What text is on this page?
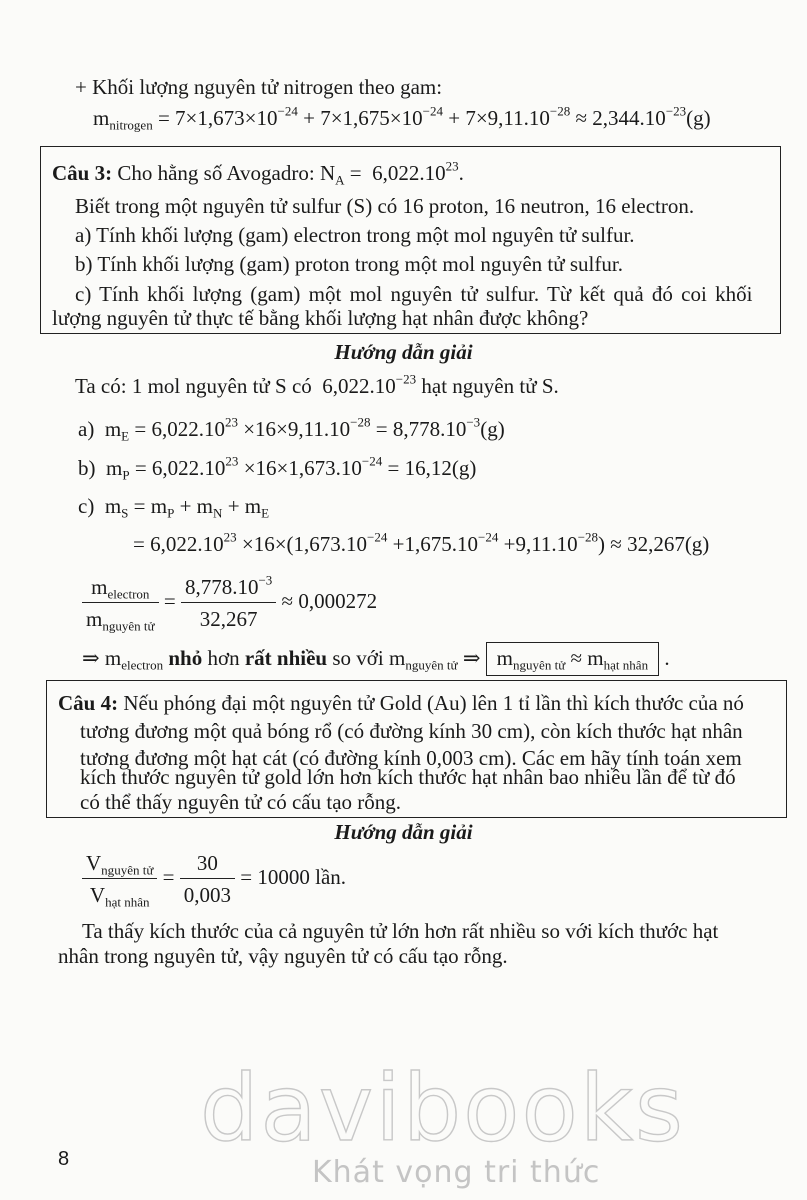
+ Khối lượng nguyên tử nitrogen theo gam:
$m_{nitrogen} = 7\times 1,673\times 10^{-24} + 7\times 1,675\times 10^{-24} + 7\times 9,11.10^{-28} \approx 2,344.10^{-23}(g)$
Câu 3: Cho hằng số Avogadro: $N_A = 6,022.10^{23}$.
Biết trong một nguyên tử sulfur (S) có 16 proton, 16 neutron, 16 electron.
a) Tính khối lượng (gam) electron trong một mol nguyên tử sulfur.
b) Tính khối lượng (gam) proton trong một mol nguyên tử sulfur.
c) Tính khối lượng (gam) một mol nguyên tử sulfur. Từ kết quả đó coi khối
lượng nguyên tử thực tế bằng khối lượng hạt nhân được không?
Hướng dẫn giải
Ta có: 1 mol nguyên tử S có  $6,022.10^{-23}$ hạt nguyên tử S.
a)  $m_E = 6,022.10^{23} \times 16\times 9,11.10^{-28} = 8,778.10^{-3}(g)$
b)  $m_P = 6,022.10^{23} \times 16\times 1,673.10^{-24} = 16,12(g)$
c)  $m_S = m_P + m_N + m_E$
= $6,022.10^{23} \times 16\times(1,673.10^{-24} +1,675.10^{-24} +9,11.10^{-28}) \approx 32,267(g)$
$\frac{m_{electron}}{m_{nguyên tử}} = \frac{8,778.10^{-3}}{32,267} \approx 0,000272$
⇒ $m_{electron}$ nhỏ hơn rất nhiều so với $m_{nguyên tử}$ ⇒ $m_{nguyên tử} \approx m_{hạt nhân}$ .
Câu 4: Nếu phóng đại một nguyên tử Gold (Au) lên 1 tỉ lần thì kích thước của nó
tương đương một quả bóng rổ (có đường kính 30 cm), còn kích thước hạt nhân
tương đương một hạt cát (có đường kính 0,003 cm). Các em hãy tính toán xem
kích thước nguyên tử gold lớn hơn kích thước hạt nhân bao nhiêu lần để từ đó
có thể thấy nguyên tử có cấu tạo rỗng.
Hướng dẫn giải
$\frac{V_{nguyên tử}}{V_{hạt nhân}} = \frac{30}{0,003} = 10000$ lần.
Ta thấy kích thước của cả nguyên tử lớn hơn rất nhiều so với kích thước hạt
nhân trong nguyên tử, vậy nguyên tử có cấu tạo rỗng.
8 davibooks
Khát vọng tri thức
